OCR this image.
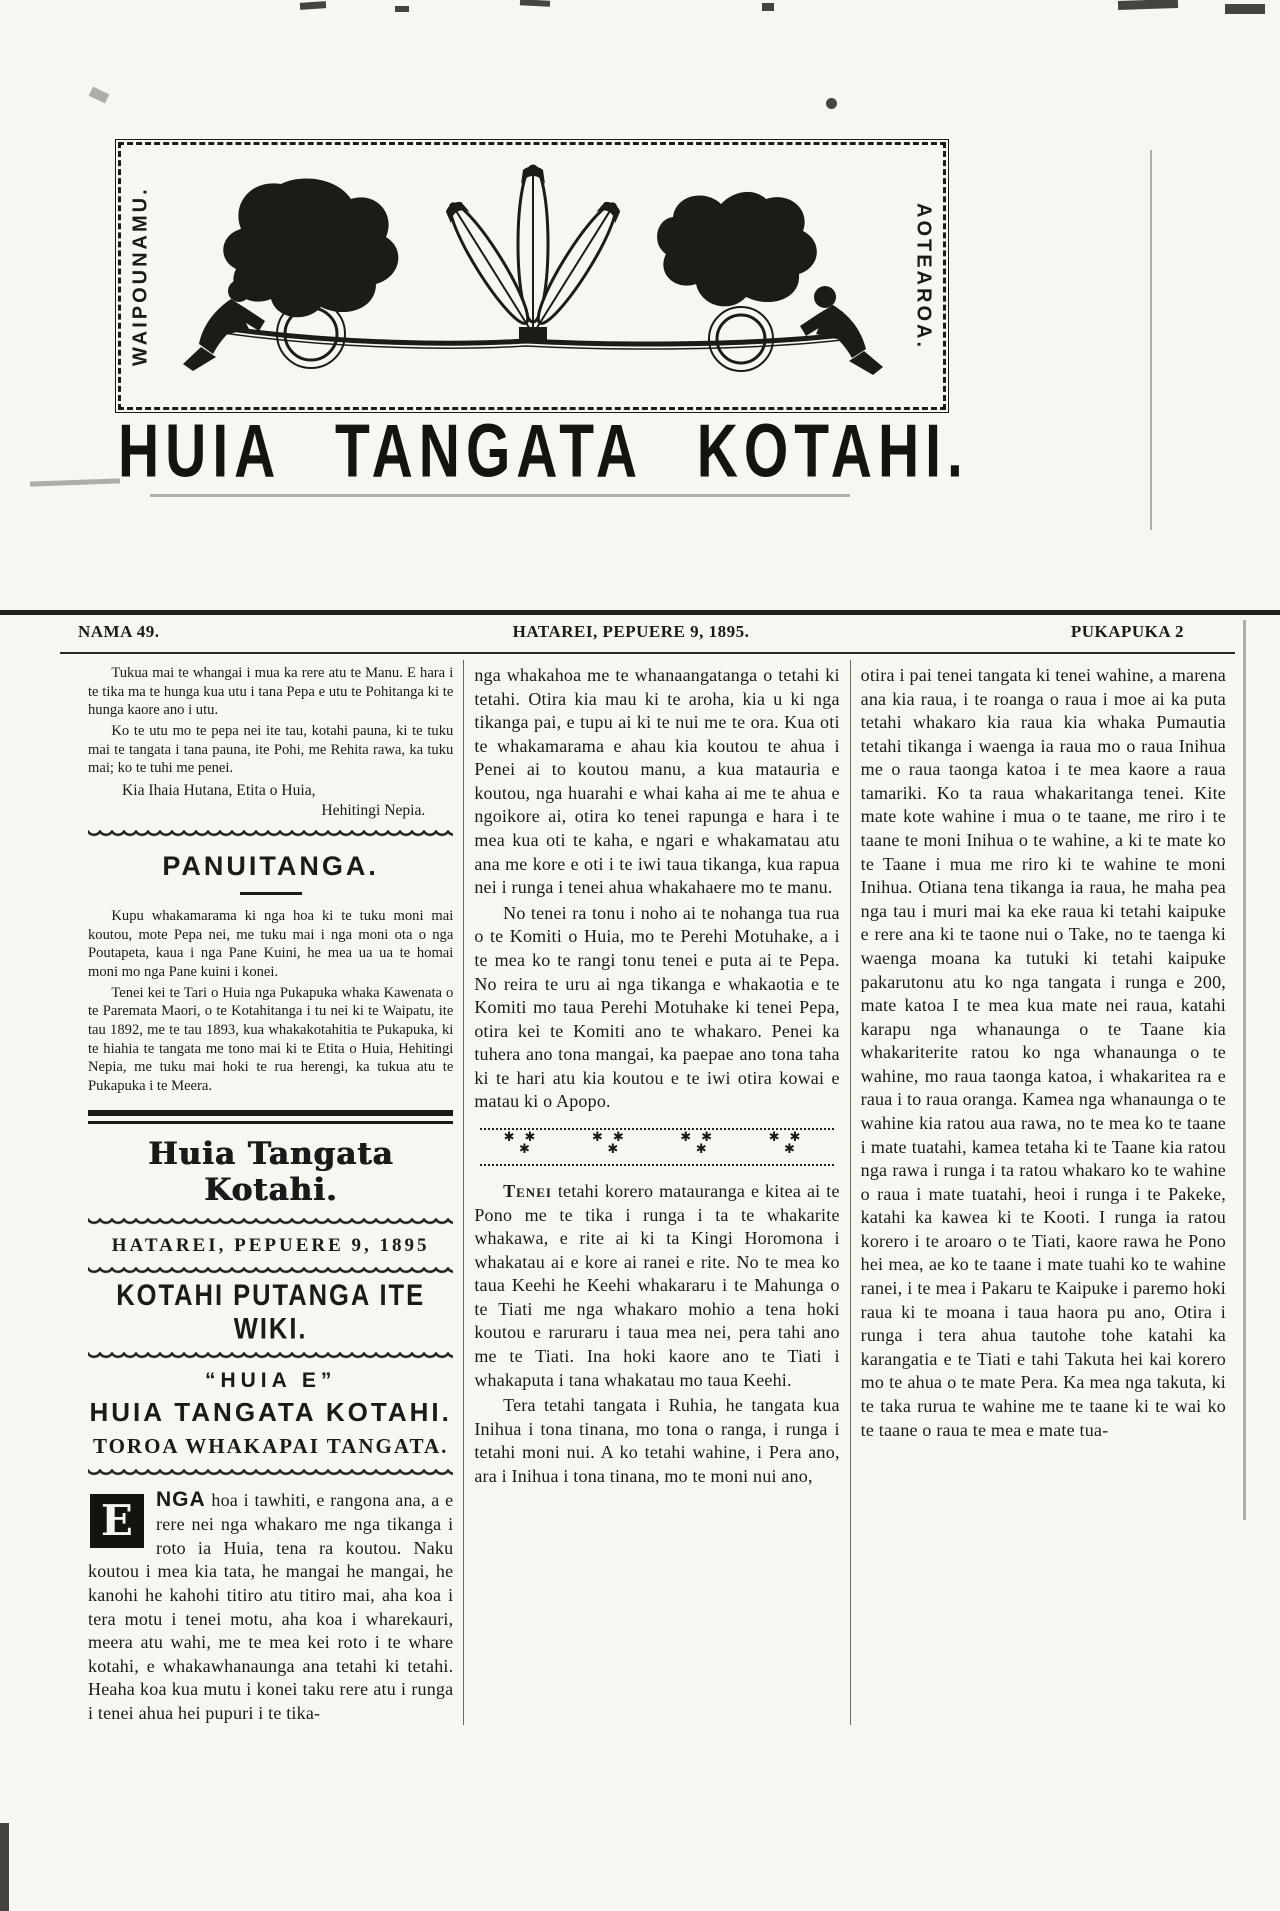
WAIPOUNAMU.	AOTEAROA.
HUIA TANGATA KOTAHI.
NAMA 49.	HATAREI, PEPUERE 9, 1895.	PUKAPUKA 2

Tukua mai te whangai i mua ka rere atu te Manu. E hara i te tika ma te hunga kua utu i tana Pepa e utu te Pohitanga ki te hunga kaore ano i utu.

Ko te utu mo te pepa nei ite tau, kotahi pauna, ki te tuku mai te tangata i tana pauna, ite Pohi, me Rehita rawa, ka tuku mai; ko te tuhi me penei.

Kia Ihaia Hutana, Etita o Huia,

Hehitingi Nepia.

PANUITANGA.

Kupu whakamarama ki nga hoa ki te tuku moni mai koutou, mote Pepa nei, me tuku mai i nga moni ota o nga Poutapeta, kaua i nga Pane Kuini, he mea ua ua te homai moni mo nga Pane kuini i konei.

Tenei kei te Tari o Huia nga Pukapuka whaka Kawenata o te Paremata Maori, o te Kotahitanga i tu nei ki te Waipatu, ite tau 1892, me te tau 1893, kua whakakotahitia te Pukapuka, ki te hiahia te tangata me tono mai ki te Etita o Huia, Hehitingi Nepia, me tuku mai hoki te rua herengi, ka tukua atu te Pukapuka i te Meera.

Huia Tangata Kotahi.

HATAREI, PEPUERE 9, 1895

KOTAHI PUTANGA ITE WIKI.

“HUIA E”

HUIA TANGATA KOTAHI.

TOROA WHAKAPAI TANGATA.

E	NGA hoa i tawhiti, e rangona ana, a e rere nei nga whakaro me nga tikanga i roto ia Huia, tena ra koutou. Naku koutou i mea kia tata, he mangai he mangai, he kanohi he kahohi titiro atu titiro mai, aha koa i tera motu i tenei motu, aha koa i wharekauri, meera atu wahi, me te mea kei roto i te whare kotahi, e whakawhanaunga ana tetahi ki tetahi. Heaha koa kua mutu i konei taku rere atu i runga i tenei ahua hei pupuri i te tika-

nga whakahoa me te whanaangatanga o tetahi ki tetahi. Otira kia mau ki te aroha, kia u ki nga tikanga pai, e tupu ai ki te nui me te ora. Kua oti te whakamarama e ahau kia koutou te ahua i Penei ai to koutou manu, a kua matauria e koutou, nga huarahi e whai kaha ai me te ahua e ngoikore ai, otira ko tenei rapunga e hara i te mea kua oti te kaha, e ngari e whakamatau atu ana me kore e oti i te iwi taua tikanga, kua rapua nei i runga i tenei ahua whakahaere mo te manu.

No tenei ra tonu i noho ai te nohanga tua rua o te Komiti o Huia, mo te Perehi Motuhake, a i te mea ko te rangi tonu tenei e puta ai te Pepa. No reira te uru ai nga tikanga e whakaotia e te Komiti mo taua Perehi Motuhake ki tenei Pepa, otira kei te Komiti ano te whakaro. Penei ka tuhera ano tona mangai, ka paepae ano tona taha ki te hari atu kia koutou e te iwi otira kowai e matau ki o Apopo.

✱✱
✱
✱✱
✱
✱✱
✱
✱✱
✱

Tenei tetahi korero matauranga e kitea ai te Pono me te tika i runga i ta te whakarite whakawa, e rite ai ki ta Kingi Horomona i whakatau ai e kore ai ranei e rite. No te mea ko taua Keehi he Keehi whakararu i te Mahunga o te Tiati me nga whakaro mohio a tena hoki koutou e raruraru i taua mea nei, pera tahi ano me te Tiati. Ina hoki kaore ano te Tiati i whakaputa i tana whakatau mo taua Keehi.

Tera tetahi tangata i Ruhia, he tangata kua Inihua i tona tinana, mo tona o ranga, i runga i tetahi moni nui. A ko tetahi wahine, i Pera ano, ara i Inihua i tona tinana, mo te moni nui ano,

otira i pai tenei tangata ki tenei wahine, a marena ana kia raua, i te roanga o raua i moe ai ka puta tetahi whakaro kia raua kia whaka Pumautia tetahi tikanga i waenga ia raua mo o raua Inihua me o raua taonga katoa i te mea kaore a raua tamariki. Ko ta raua whakaritanga tenei. Kite mate kote wahine i mua o te taane, me riro i te taane te moni Inihua o te wahine, a ki te mate ko te Taane i mua me riro ki te wahine te moni Inihua. Otiana tena tikanga ia raua, he maha pea nga tau i muri mai ka eke raua ki tetahi kaipuke e rere ana ki te taone nui o Take, no te taenga ki waenga moana ka tutuki ki tetahi kaipuke pakarutonu atu ko nga tangata i runga e 200, mate katoa I te mea kua mate nei raua, katahi karapu nga whanaunga o te Taane kia whakariterite ratou ko nga whanaunga o te wahine, mo raua taonga katoa, i whakaritea ra e raua i to raua oranga. Kamea nga whanaunga o te wahine kia ratou aua rawa, no te mea ko te taane i mate tuatahi, kamea tetaha ki te Taane kia ratou nga rawa i runga i ta ratou whakaro ko te wahine o raua i mate tuatahi, heoi i runga i te Pakeke, katahi ka kawea ki te Kooti. I runga ia ratou korero i te aroaro o te Tiati, kaore rawa he Pono hei mea, ae ko te taane i mate tuahi ko te wahine ranei, i te mea i Pakaru te Kaipuke i paremo hoki raua ki te moana i taua haora pu ano, Otira i runga i tera ahua tautohe tohe katahi ka karangatia e te Tiati e tahi Takuta hei kai korero mo te ahua o te mate Pera. Ka mea nga takuta, ki te taka rurua te wahine me te taane ki te wai ko te taane o raua te mea e mate tua-
